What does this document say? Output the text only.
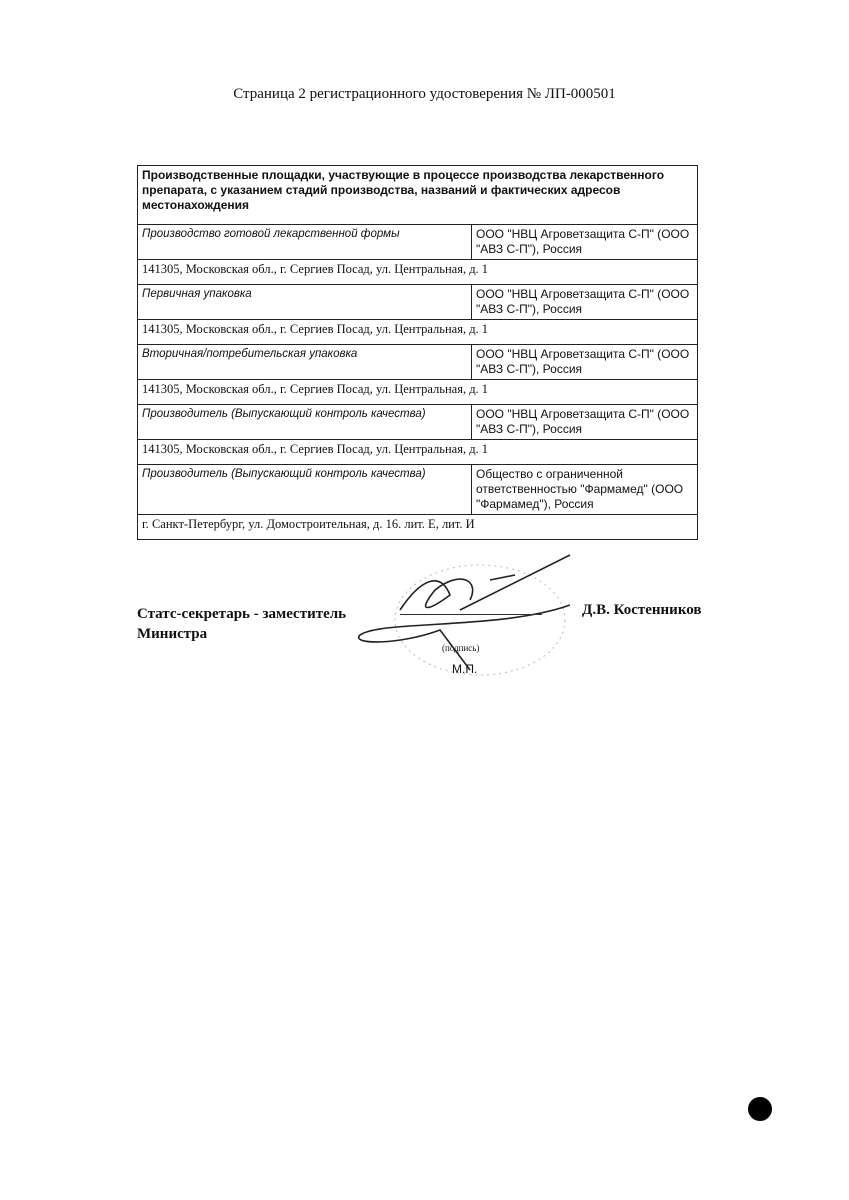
Страница 2 регистрационного удостоверения № ЛП-000501
Производственные площадки, участвующие в процессе производства лекарственного препарата, с указанием стадий производства, названий и фактических адресов местонахождения	
Производство готовой лекарственной формы	ООО "НВЦ Агроветзащита С-П" (ООО "АВЗ С-П"), Россия
141305, Московская обл., г. Сергиев Посад, ул. Центральная, д. 1	
Первичная упаковка	ООО "НВЦ Агроветзащита С-П" (ООО "АВЗ С-П"), Россия
141305, Московская обл., г. Сергиев Посад, ул. Центральная, д. 1	
Вторичная/потребительская упаковка	ООО "НВЦ Агроветзащита С-П" (ООО "АВЗ С-П"), Россия
141305, Московская обл., г. Сергиев Посад, ул. Центральная, д. 1	
Производитель (Выпускающий контроль качества)	ООО "НВЦ Агроветзащита С-П" (ООО "АВЗ С-П"), Россия
141305, Московская обл., г. Сергиев Посад, ул. Центральная, д. 1	
Производитель (Выпускающий контроль качества)	Общество с ограниченной ответственностью "Фармамед" (ООО "Фармамед"), Россия
г. Санкт-Петербург, ул. Домостроительная, д. 16. лит. Е, лит. И	
Статс-секретарь - заместитель
Министра
Д.В. Костенников
(подпись)
М.П.
